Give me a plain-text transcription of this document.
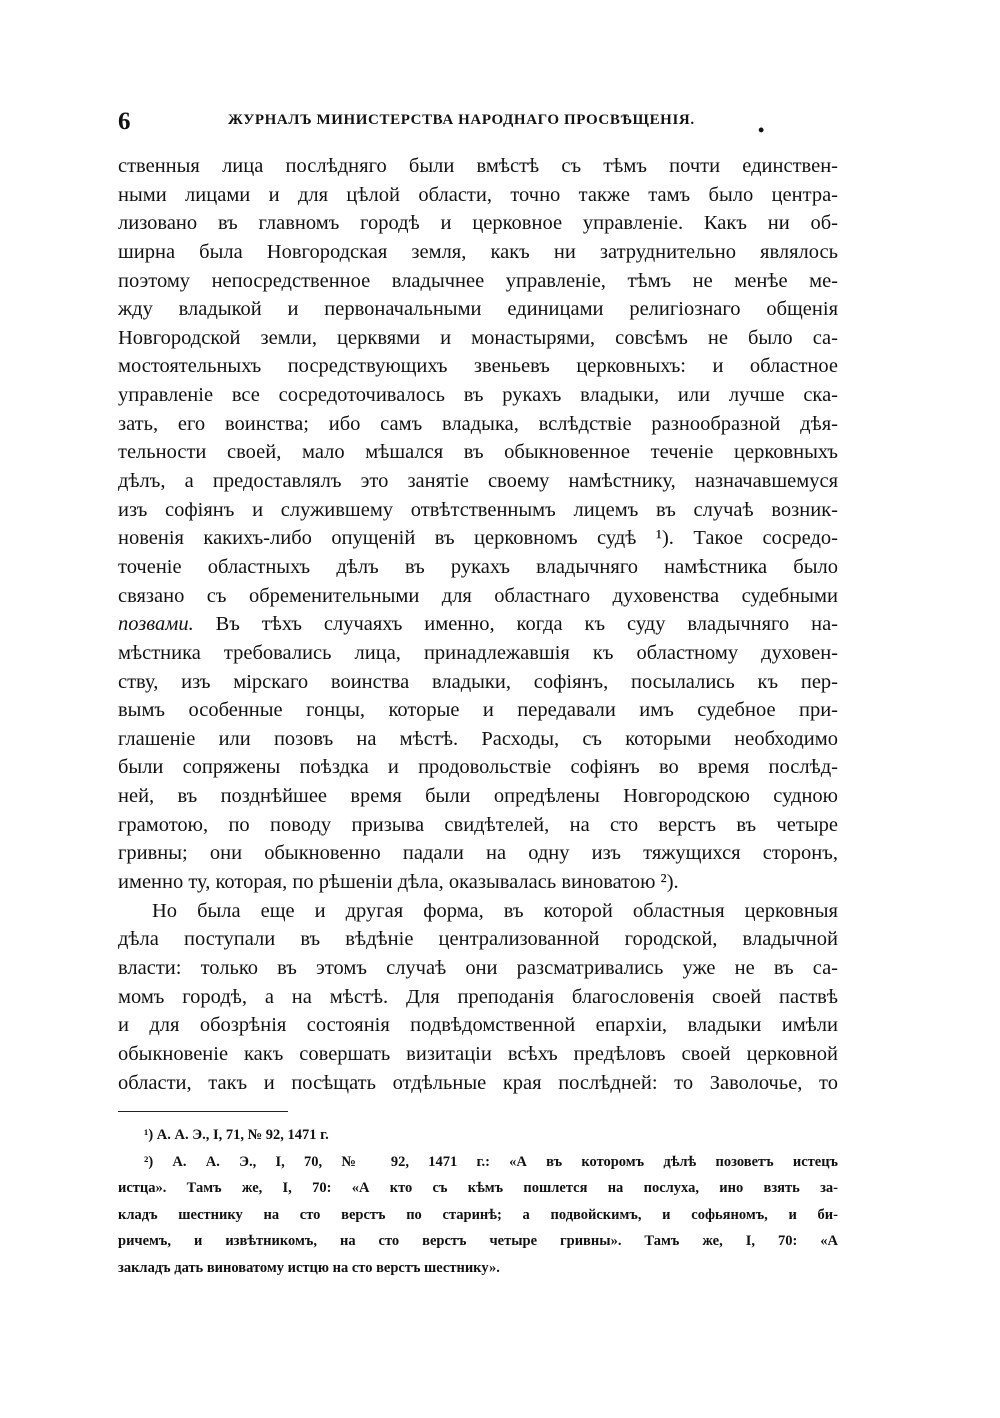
6	ЖУРНАЛЪ МИНИСТЕРСТВА НАРОДНАГО ПРОСВѢЩЕНІЯ.	•
ственныя лица послѣдняго были вмѣстѣ съ тѣмъ почти единствен-
ными лицами и для цѣлой области, точно также тамъ было центра-
лизовано въ главномъ городѣ и церковное управленіе. Какъ ни об-
ширна была Новгородская земля, какъ ни затруднительно являлось
поэтому непосредственное владычнее управленіе, тѣмъ не менѣе ме-
жду владыкой и первоначальными единицами религіознаго общенія
Новгородской земли, церквями и монастырями, совсѣмъ не было са-
мостоятельныхъ посредствующихъ звеньевъ церковныхъ: и областное
управленіе все сосредоточивалось въ рукахъ владыки, или лучше ска-
зать, его воинства; ибо самъ владыка, вслѣдствіе разнообразной дѣя-
тельности своей, мало мѣшался въ обыкновенное теченіе церковныхъ
дѣлъ, а предоставлялъ это занятіе своему намѣстнику, назначавшемуся
изъ софіянъ и служившему отвѣтственнымъ лицемъ въ случаѣ возник-
новенія какихъ-либо опущеній въ церковномъ судѣ ¹). Такое сосредо-
точеніе областныхъ дѣлъ въ рукахъ владычняго намѣстника было
связано съ обременительными для областнаго духовенства судебными
позвами. Въ тѣхъ случаяхъ именно, когда къ суду владычняго на-
мѣстника требовались лица, принадлежавшія къ областному духовен-
ству, изъ мірскаго воинства владыки, софіянъ, посылались къ пер-
вымъ особенные гонцы, которые и передавали имъ судебное при-
глашеніе или позовъ на мѣстѣ. Расходы, съ которыми необходимо
были сопряжены поѣздка и продовольствіе софіянъ во время послѣд-
ней, въ позднѣйшее время были опредѣлены Новгородскою судною
грамотою, по поводу призыва свидѣтелей, на сто верстъ въ четыре
гривны; они обыкновенно падали на одну изъ тяжущихся сторонъ,
именно ту, которая, по рѣшеніи дѣла, оказывалась виноватою ²).
Но была еще и другая форма, въ которой областныя церковныя
дѣла поступали въ вѣдѣніе централизованной городской, владычной
власти: только въ этомъ случаѣ они разсматривались уже не въ са-
момъ городѣ, а на мѣстѣ. Для преподанія благословенія своей паствѣ
и для обозрѣнія состоянія подвѣдомственной епархіи, владыки имѣли
обыкновеніе какъ совершать визитаціи всѣхъ предѣловъ своей церковной
области, такъ и посѣщать отдѣльные края послѣдней: то Заволочье, то
¹) А. А. Э., I, 71, № 92, 1471 г.
²) А. А. Э., I, 70, № 92, 1471 г.: «А въ которомъ дѣлѣ позоветъ истецъ
истца». Тамъ же, I, 70: «А кто съ кѣмъ пошлется на послуха, ино взять за-
кладъ шестнику на сто верстъ по старинѣ; а подвойскимъ, и софьяномъ, и би-
ричемъ, и извѣтникомъ, на сто верстъ четыре гривны». Тамъ же, I, 70: «А
закладъ дать виноватому истцю на сто верстъ шестнику».
